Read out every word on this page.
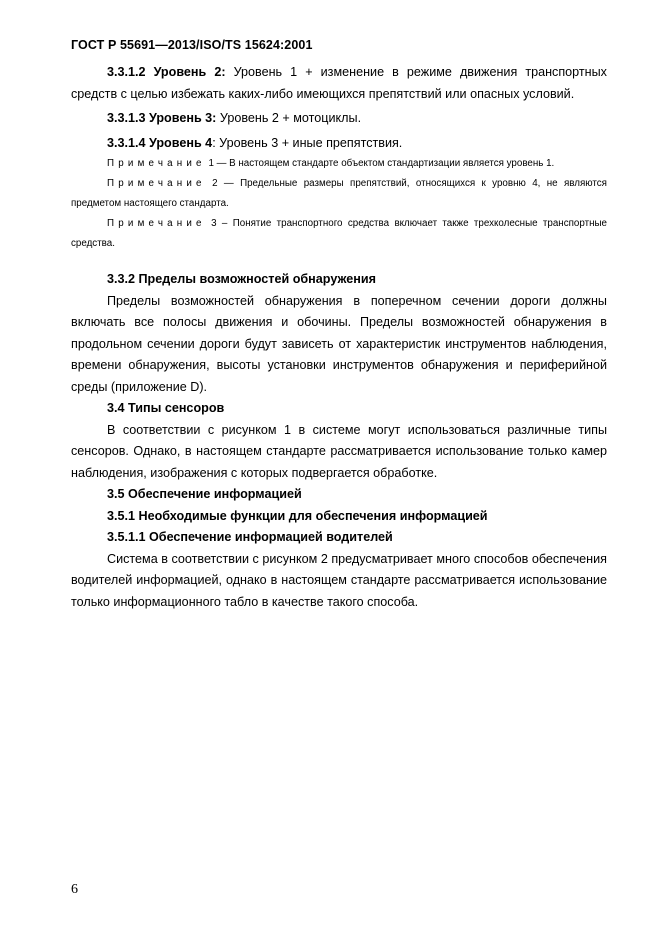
ГОСТ Р 55691—2013/ISO/TS 15624:2001

3.3.1.2 Уровень 2: Уровень 1 + изменение в режиме движения транспортных средств с целью избежать каких-либо имеющихся препятствий или опасных условий.

3.3.1.3 Уровень 3: Уровень 2 + мотоциклы.

3.3.1.4 Уровень 4: Уровень 3 + иные препятствия.

Примечание 1 — В настоящем стандарте объектом стандартизации является уровень 1.

Примечание 2 — Предельные размеры препятствий, относящихся к уровню 4, не являются предметом настоящего стандарта.

Примечание 3 – Понятие транспортного средства включает также трехколесные транспортные средства.

3.3.2 Пределы возможностей обнаружения

Пределы возможностей обнаружения в поперечном сечении дороги должны включать все полосы движения и обочины. Пределы возможностей обнаружения в продольном сечении дороги будут зависеть от характеристик инструментов наблюдения, времени обнаружения, высоты установки инструментов обнаружения и периферийной среды (приложение D).

3.4 Типы сенсоров

В соответствии с рисунком 1 в системе могут использоваться различные типы сенсоров. Однако, в настоящем стандарте рассматривается использование только камер наблюдения, изображения с которых подвергается обработке.

3.5 Обеспечение информацией

3.5.1 Необходимые функции для обеспечения информацией

3.5.1.1 Обеспечение информацией водителей

Система в соответствии с рисунком 2 предусматривает много способов обеспечения водителей информацией, однако в настоящем стандарте рассматривается использование только информационного табло в качестве такого способа.

6
